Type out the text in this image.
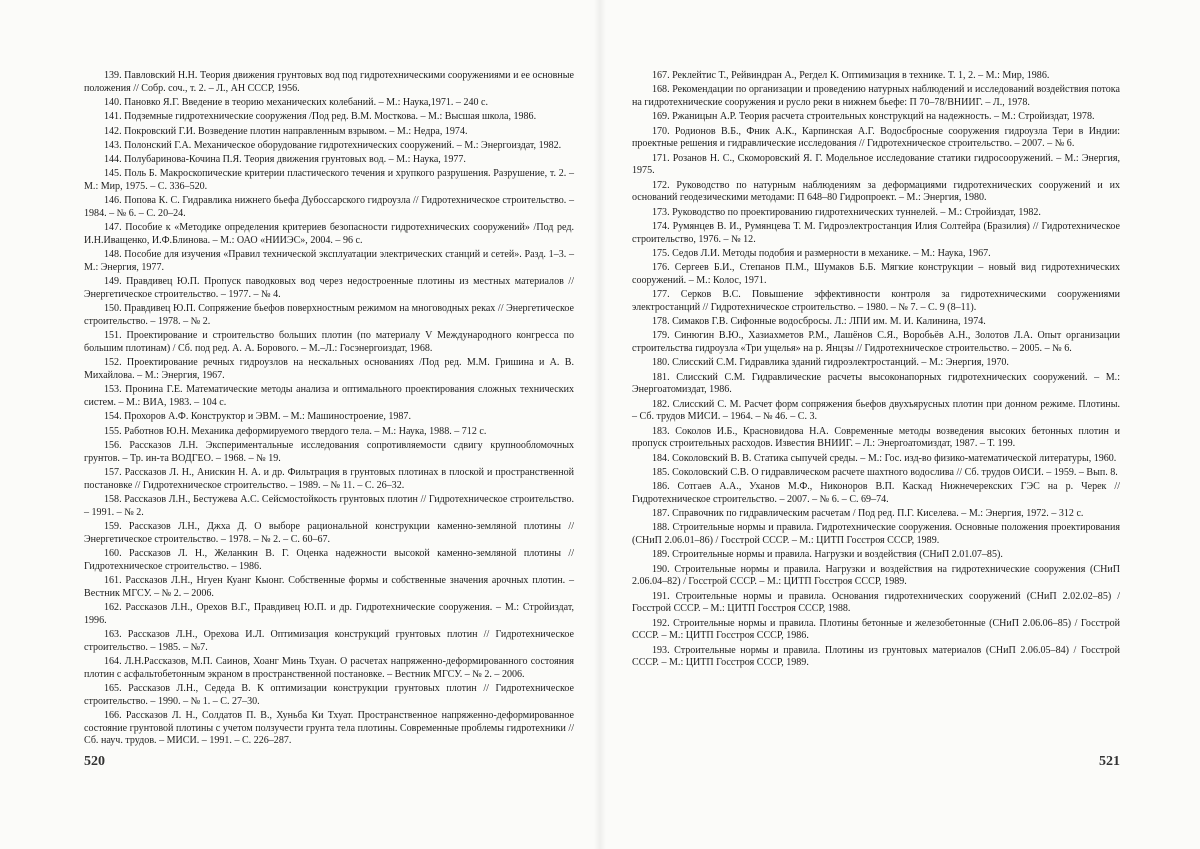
139. Павловский Н.Н. Теория движения грунтовых вод под гидротехническими сооружениями и ее основные положения // Собр. соч., т. 2. – Л., АН СССР, 1956.

140. Пановко Я.Г. Введение в теорию механических колебаний. – М.: Наука,1971. – 240 с.

141. Подземные гидротехнические сооружения /Под ред. В.М. Мосткова. – М.: Высшая школа, 1986.

142. Покровский Г.И. Возведение плотин направленным взрывом. – М.: Недра, 1974.

143. Полонский Г.А. Механическое оборудование гидротехнических сооружений. – М.: Энергоиздат, 1982.

144. Полубаринова-Кочина П.Я. Теория движения грунтовых вод. – М.: Наука, 1977.

145. Поль Б. Макроскопические критерии пластического течения и хрупкого разрушения. Разрушение, т. 2. – М.: Мир, 1975. – С. 336–520.

146. Попова К. С. Гидравлика нижнего бьефа Дубоссарского гидроузла // Гидротехническое строительство. – 1984. – № 6. – С. 20–24.

147. Пособие к «Методике определения критериев безопасности гидротехнических сооружений» /Под ред. И.Н.Иващенко, И.Ф.Блинова. – М.: ОАО «НИИЭС», 2004. – 96 с.

148. Пособие для изучения «Правил технической эксплуатации электрических станций и сетей». Разд. 1–3. – М.: Энергия, 1977.

149. Правдивец Ю.П. Пропуск паводковых вод через недостроенные плотины из местных материалов // Энергетическое строительство. – 1977. – № 4.

150. Правдивец Ю.П. Сопряжение бьефов поверхностным режимом на многоводных реках // Энергетическое строительство. – 1978. – № 2.

151. Проектирование и строительство больших плотин (по материалу V Международного конгресса по большим плотинам) / Сб. под ред. А. А. Борового. – М.–Л.: Госэнергоиздат, 1968.

152. Проектирование речных гидроузлов на нескальных основаниях /Под ред. М.М. Гришина и А. В. Михайлова. – М.: Энергия, 1967.

153. Пронина Г.Е. Математические методы анализа и оптимального проектирования сложных технических систем. – М.: ВИА, 1983. – 104 с.

154. Прохоров А.Ф. Конструктор и ЭВМ. – М.: Машиностроение, 1987.

155. Работнов Ю.Н. Механика деформируемого твердого тела. – М.: Наука, 1988. – 712 с.

156. Рассказов Л.Н. Экспериментальные исследования сопротивляемости сдвигу крупнообломочных грунтов. – Тр. ин-та ВОДГЕО. – 1968. – № 19.

157. Рассказов Л. Н., Анискин Н. А. и др. Фильтрация в грунтовых плотинах в плоской и пространственной постановке // Гидротехническое строительство. – 1989. – № 11. – С. 26–32.

158. Рассказов Л.Н., Бестужева А.С. Сейсмостойкость грунтовых плотин // Гидротехническое строительство. – 1991. – № 2.

159. Рассказов Л.Н., Джха Д. О выборе рациональной конструкции каменно-земляной плотины // Энергетическое строительство. – 1978. – № 2. – С. 60–67.

160. Рассказов Л. Н., Желанкин В. Г. Оценка надежности высокой каменно-земляной плотины // Гидротехническое строительство. – 1986.

161. Рассказов Л.Н., Нгуен Куанг Кыонг. Собственные формы и собственные значения арочных плотин. – Вестник МГСУ. – № 2. – 2006.

162. Рассказов Л.Н., Орехов В.Г., Правдивец Ю.П. и др. Гидротехнические сооружения. – М.: Стройиздат, 1996.

163. Рассказов Л.Н., Орехова И.Л. Оптимизация конструкций грунтовых плотин // Гидротехническое строительство. – 1985. – №7.

164. Л.Н.Рассказов, М.П. Саинов, Хоанг Минь Тхуан. О расчетах напряженно-деформированного состояния плотин с асфальтобетонным экраном в пространственной постановке. – Вестник МГСУ. – № 2. – 2006.

165. Рассказов Л.Н., Седеда В. К оптимизации конструкции грунтовых плотин // Гидротехническое строительство. – 1990. – № 1. – С. 27–30.

166. Рассказов Л. Н., Солдатов П. В., Хуньба Ки Тхуат. Пространственное напряженно-деформированное состояние грунтовой плотины с учетом ползучести грунта тела плотины. Современные проблемы гидротехники // Сб. науч. трудов. – МИСИ. – 1991. – С. 226–287.

520

167. Реклейтис Т., Рейвиндран А., Регдел К. Оптимизация в технике. Т. 1, 2. – М.: Мир, 1986.

168. Рекомендации по организации и проведению натурных наблюдений и исследований воздействия потока на гидротехнические сооружения и русло реки в нижнем бьефе: П 70–78/ВНИИГ. – Л., 1978.

169. Ржаницын А.Р. Теория расчета строительных конструкций на надежность. – М.: Стройиздат, 1978.

170. Родионов В.Б., Фник А.К., Карпинская А.Г. Водосбросные сооружения гидроузла Тери в Индии: проектные решения и гидравлические исследования // Гидротехническое строительство. – 2007. – № 6.

171. Розанов Н. С., Скоморовский Я. Г. Модельное исследование статики гидросооружений. – М.: Энергия, 1975.

172. Руководство по натурным наблюдениям за деформациями гидротехнических сооружений и их оснований геодезическими методами: П 648–80 Гидропроект. – М.: Энергия, 1980.

173. Руководство по проектированию гидротехнических туннелей. – М.: Стройиздат, 1982.

174. Румянцев В. И., Румянцева Т. М. Гидроэлектростанция Илия Солтейра (Бразилия) // Гидротехническое строительство, 1976. – № 12.

175. Седов Л.И. Методы подобия и размерности в механике. – М.: Наука, 1967.

176. Сергеев Б.И., Степанов П.М., Шумаков Б.Б. Мягкие конструкции – новый вид гидротехнических сооружений. – М.: Колос, 1971.

177. Серков В.С. Повышение эффективности контроля за гидротехническими сооружениями электростанций // Гидротехническое строительство. – 1980. – № 7. – С. 9 (8–11).

178. Симаков Г.В. Сифонные водосбросы. Л.: ЛПИ им. М. И. Калинина, 1974.

179. Синюгин В.Ю., Хазиахметов Р.М., Лашёнов С.Я., Воробьёв А.Н., Золотов Л.А. Опыт организации строительства гидроузла «Три ущелья» на р. Янцзы // Гидротехническое строительство. – 2005. – № 6.

180. Слисский С.М. Гидравлика зданий гидроэлектростанций. – М.: Энергия, 1970.

181. Слисский С.М. Гидравлические расчеты высоконапорных гидротехнических сооружений. – М.: Энергоатомиздат, 1986.

182. Слисский С. М. Расчет форм сопряжения бьефов двухъярусных плотин при донном режиме. Плотины. – Сб. трудов МИСИ. – 1964. – № 46. – С. 3.

183. Соколов И.Б., Красновидова Н.А. Современные методы возведения высоких бетонных плотин и пропуск строительных расходов. Известия ВНИИГ. – Л.: Энергоатомиздат, 1987. – Т. 199.

184. Соколовский В. В. Статика сыпучей среды. – М.: Гос. изд-во физико-математической литературы, 1960.

185. Соколовский С.В. О гидравлическом расчете шахтного водослива // Сб. трудов ОИСИ. – 1959. – Вып. 8.

186. Сотгаев А.А., Уханов М.Ф., Никоноров В.П. Каскад Нижнечерекских ГЭС на р. Черек // Гидротехническое строительство. – 2007. – № 6. – С. 69–74.

187. Справочник по гидравлическим расчетам / Под ред. П.Г. Киселева. – М.: Энергия, 1972. – 312 с.

188. Строительные нормы и правила. Гидротехнические сооружения. Основные положения проектирования (СНиП 2.06.01–86) / Госстрой СССР. – М.: ЦИТП Госстроя СССР, 1989.

189. Строительные нормы и правила. Нагрузки и воздействия (СНиП 2.01.07–85).

190. Строительные нормы и правила. Нагрузки и воздействия на гидротехнические сооружения (СНиП 2.06.04–82) / Госстрой СССР. – М.: ЦИТП Госстроя СССР, 1989.

191. Строительные нормы и правила. Основания гидротехнических сооружений (СНиП 2.02.02–85) / Госстрой СССР. – М.: ЦИТП Госстроя СССР, 1988.

192. Строительные нормы и правила. Плотины бетонные и железобетонные (СНиП 2.06.06–85) / Госстрой СССР. – М.: ЦИТП Госстроя СССР, 1986.

193. Строительные нормы и правила. Плотины из грунтовых материалов (СНиП 2.06.05–84) / Госстрой СССР. – М.: ЦИТП Госстроя СССР, 1989.

521
